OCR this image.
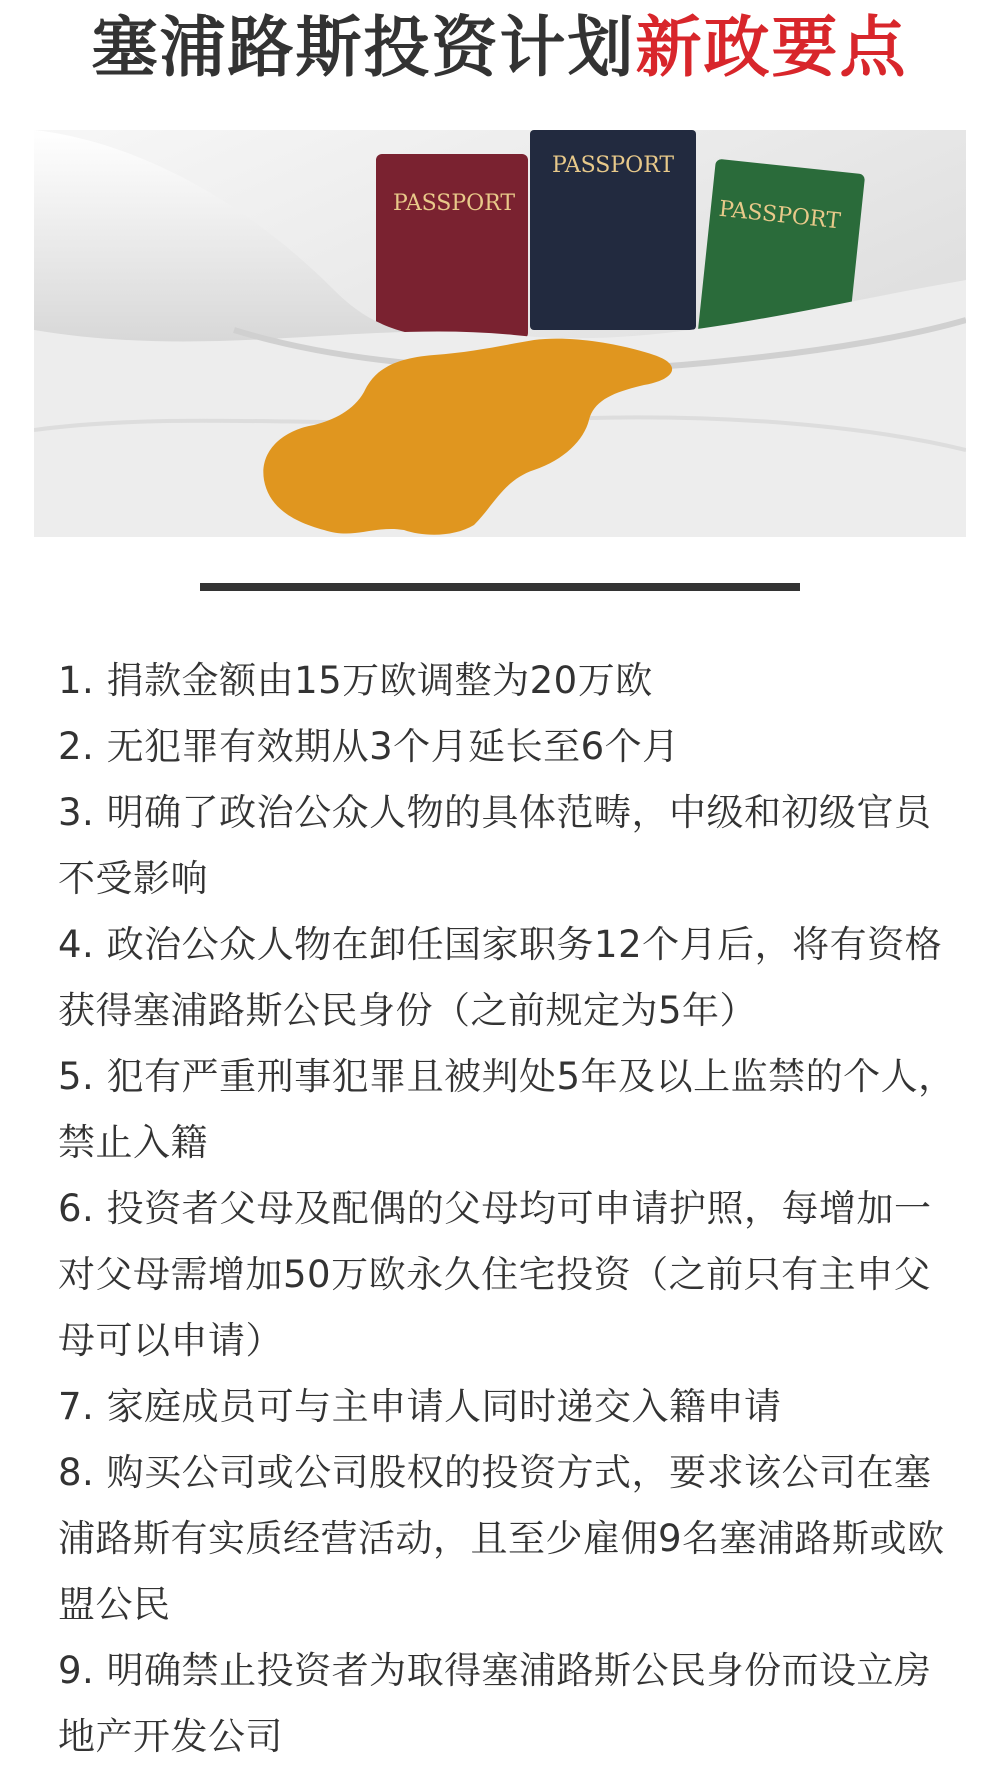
塞浦路斯投资计划新政要点
PASSPORT	PASSPORT
PASSPORT
1. 捐款金额由15万欧调整为20万欧
2. 无犯罪有效期从3个月延长至6个月
3. 明确了政治公众人物的具体范畴，中级和初级官员不受影响
4. 政治公众人物在卸任国家职务12个月后，将有资格获得塞浦路斯公民身份（之前规定为5年）
5. 犯有严重刑事犯罪且被判处5年及以上监禁的个人，禁止入籍
6. 投资者父母及配偶的父母均可申请护照，每增加一对父母需增加50万欧永久住宅投资（之前只有主申父母可以申请）
7. 家庭成员可与主申请人同时递交入籍申请
8. 购买公司或公司股权的投资方式，要求该公司在塞浦路斯有实质经营活动，且至少雇佣9名塞浦路斯或欧盟公民
9. 明确禁止投资者为取得塞浦路斯公民身份而设立房地产开发公司
